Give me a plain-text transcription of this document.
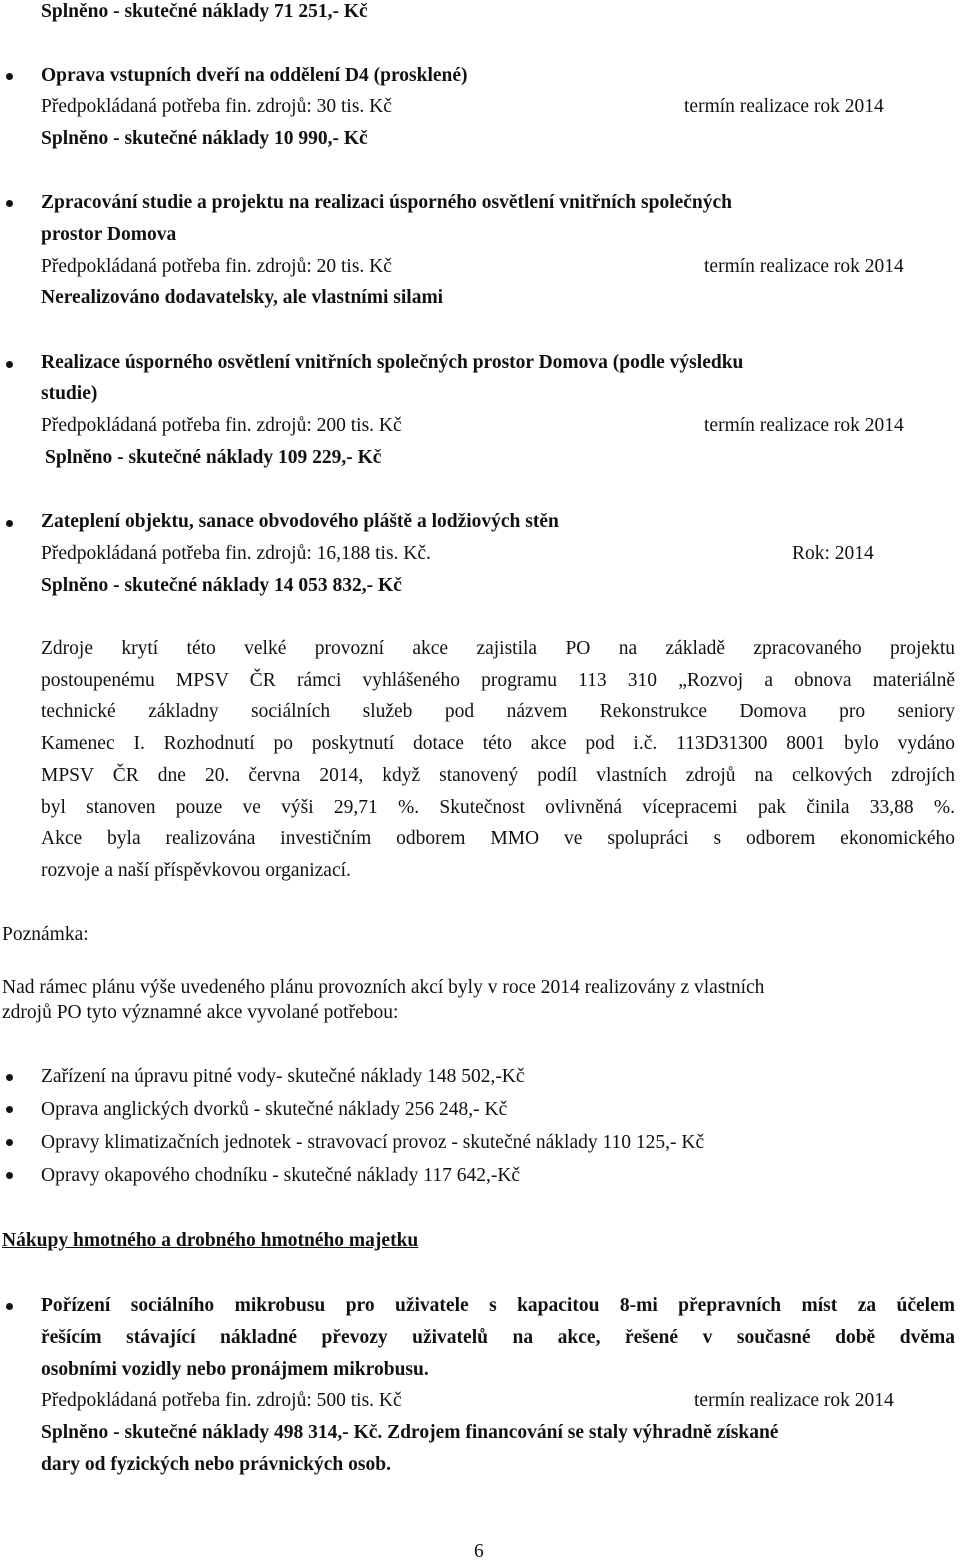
Splněno - skutečné náklady 71 251,- Kč
Oprava vstupních dveří na oddělení D4 (prosklené)
Předpokládaná potřeba fin. zdrojů: 30 tis. Kč	termín realizace rok 2014
Splněno - skutečné náklady 10 990,- Kč
Zpracování studie a projektu na realizaci úsporného osvětlení vnitřních společných
prostor Domova
Předpokládaná potřeba fin. zdrojů: 20 tis. Kč	termín realizace rok 2014
Nerealizováno dodavatelsky, ale vlastními silami
Realizace úsporného osvětlení vnitřních společných prostor Domova (podle výsledku
studie)
Předpokládaná potřeba fin. zdrojů: 200 tis. Kč	termín realizace rok 2014
Splněno - skutečné náklady 109 229,- Kč
Zateplení objektu, sanace obvodového pláště a lodžiových stěn
Předpokládaná potřeba fin. zdrojů: 16,188 tis. Kč.	Rok: 2014
Splněno - skutečné náklady 14 053 832,- Kč
Zdroje krytí této velké provozní akce zajistila PO na základě zpracovaného projektu
postoupenému MPSV ČR rámci vyhlášeného programu 113 310 „Rozvoj a obnova materiálně
technické základny sociálních služeb pod názvem Rekonstrukce Domova pro seniory
Kamenec I. Rozhodnutí po poskytnutí dotace této akce pod i.č. 113D31300 8001 bylo vydáno
MPSV ČR dne 20. června 2014, když stanovený podíl vlastních zdrojů na celkových zdrojích
byl stanoven pouze ve výši 29,71 %. Skutečnost ovlivněná vícepracemi pak činila 33,88 %.
Akce byla realizována investičním odborem MMO ve spolupráci s odborem ekonomického
rozvoje a naší příspěvkovou organizací.
Poznámka:
Nad rámec plánu výše uvedeného plánu provozních akcí byly v roce 2014 realizovány z vlastních
zdrojů PO tyto významné akce vyvolané potřebou:
Zařízení na úpravu pitné vody- skutečné náklady 148 502,-Kč
Oprava anglických dvorků - skutečné náklady 256 248,- Kč
Opravy klimatizačních jednotek - stravovací provoz - skutečné náklady 110 125,- Kč
Opravy okapového chodníku - skutečné náklady 117 642,-Kč
Nákupy hmotného a drobného hmotného majetku
Pořízení sociálního mikrobusu pro uživatele s kapacitou 8-mi přepravních míst za účelem
řešícím stávající nákladné převozy uživatelů na akce, řešené v současné době dvěma
osobními vozidly nebo pronájmem mikrobusu.
Předpokládaná potřeba fin. zdrojů: 500 tis. Kč	termín realizace rok 2014
Splněno - skutečné náklady 498 314,- Kč. Zdrojem financování se staly výhradně získané
dary od fyzických nebo právnických osob.
6
